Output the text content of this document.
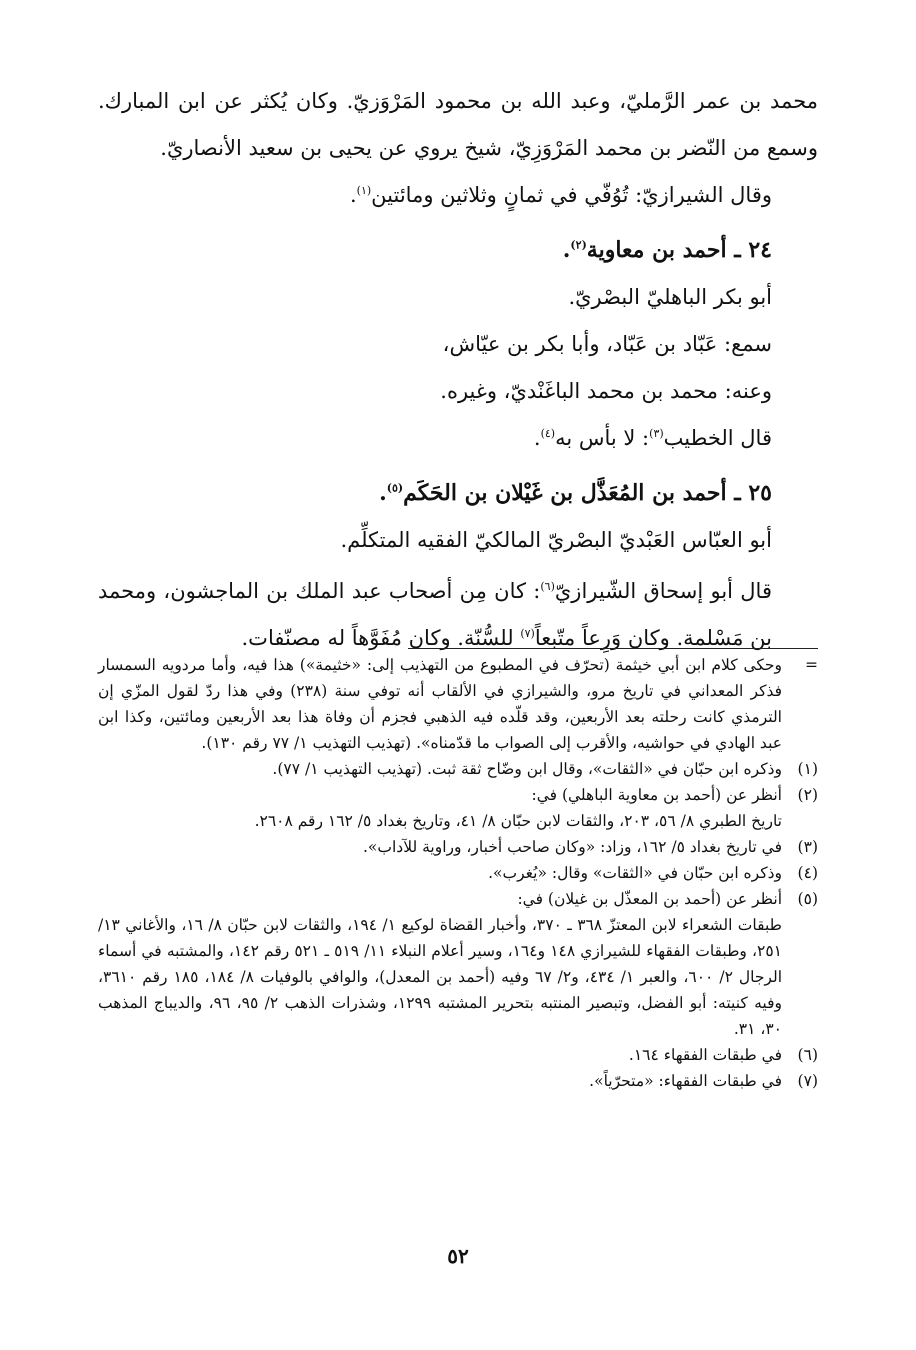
محمد بن عمر الرَّمليّ، وعبد الله بن محمود المَرْوَزيّ. وكان يُكثر عن ابن المبارك. وسمع من النّضر بن محمد المَرْوَزِيّ، شيخ يروي عن يحيى بن سعيد الأنصاريّ.

وقال الشيرازيّ: تُوُفّي في ثمانٍ وثلاثين ومائتين$^{(١)}$.

٢٤ ـ أحمد بن معاوية$^{(٢)}$.

أبو بكر الباهليّ البصْريّ.

سمع: عَبّاد بن عَبّاد، وأبا بكر بن عيّاش،

وعنه: محمد بن محمد الباغَنْديّ، وغيره.

قال الخطيب$^{(٣)}$: لا بأس به$^{(٤)}$.

٢٥ ـ أحمد بن المُعَذَّل بن غَيْلان بن الحَكَم$^{(٥)}$.

أبو العبّاس العَبْديّ البصْريّ المالكيّ الفقيه المتكلِّم.

قال أبو إسحاق الشّيرازيّ$^{(٦)}$: كان مِن أصحاب عبد الملك بن الماجشون، ومحمد بن مَسْلمة. وكان وَرِعاً متّبعاً$^{(٧)}$ للسُّنّة. وكان مُفَوَّهاً له مصنّفات.

=
وحكى كلام ابن أبي خيثمة (تحرّف في المطبوع من التهذيب إلى: «خثيمة») هذا فيه، وأما مردويه السمسار فذكر المعداني في تاريخ مرو، والشيرازي في الألقاب أنه توفي سنة (٢٣٨) وفي هذا ردّ لقول المزّي إن الترمذي كانت رحلته بعد الأربعين، وقد قلّده فيه الذهبي فجزم أن وفاة هذا بعد الأربعين ومائتين، وكذا ابن عبد الهادي في حواشيه، والأقرب إلى الصواب ما قدّمناه». (تهذيب التهذيب ١/ ٧٧ رقم ١٣٠).
(١)
وذكره ابن حبّان في «الثقات»، وقال ابن وضّاح ثقة ثبت. (تهذيب التهذيب ١/ ٧٧).
(٢)
أنظر عن (أحمد بن معاوية الباهلي) في:
تاريخ الطبري ٨/ ٥٦، ٢٠٣، والثقات لابن حبّان ٨/ ٤١، وتاريخ بغداد ٥/ ١٦٢ رقم ٢٦٠٨.
(٣)
في تاريخ بغداد ٥/ ١٦٢، وزاد: «وكان صاحب أخبار، وراوية للآداب».
(٤)
وذكره ابن حبّان في «الثقات» وقال: «يُغرب».
(٥)
أنظر عن (أحمد بن المعذّل بن غيلان) في:
طبقات الشعراء لابن المعتزّ ٣٦٨ ـ ٣٧٠، وأخبار القضاة لوكيع ١/ ١٩٤، والثقات لابن حبّان ٨/ ١٦، والأغاني ١٣/ ٢٥١، وطبقات الفقهاء للشيرازي ١٤٨ و١٦٤، وسير أعلام النبلاء ١١/ ٥١٩ ـ ٥٢١ رقم ١٤٢، والمشتبه في أسماء الرجال ٢/ ٦٠٠، والعبر ١/ ٤٣٤، و٢/ ٦٧ وفيه (أحمد بن المعدل)، والوافي بالوفيات ٨/ ١٨٤، ١٨٥ رقم ٣٦١٠، وفيه كنيته: أبو الفضل، وتبصير المنتبه بتحرير المشتبه ١٢٩٩، وشذرات الذهب ٢/ ٩٥، ٩٦، والديباج المذهب ٣٠، ٣١.
(٦)
في طبقات الفقهاء ١٦٤.
(٧)
في طبقات الفقهاء: «متحرّياً».
٥٢
